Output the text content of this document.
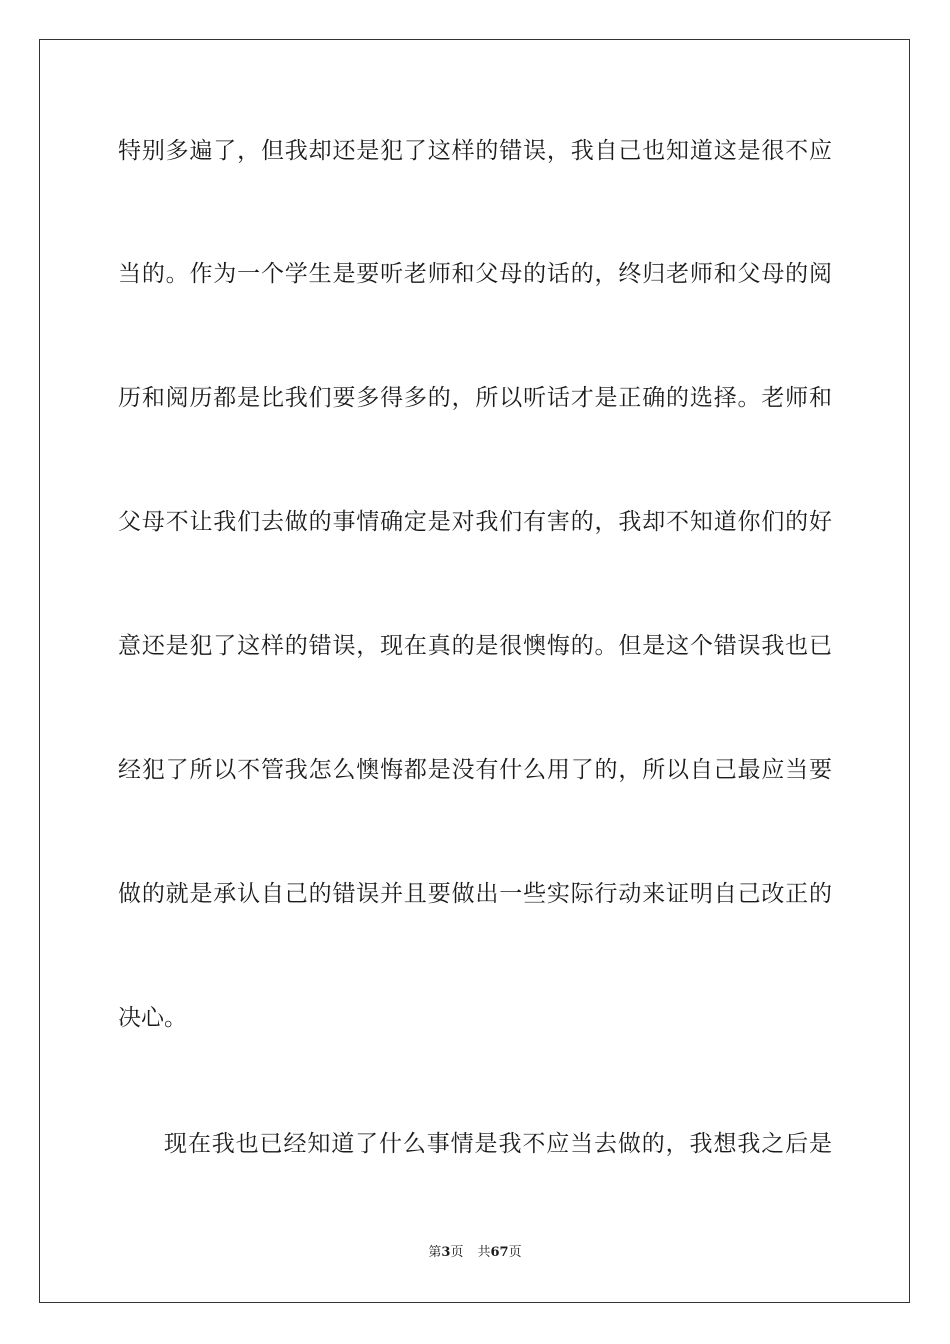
特别多遍了，但我却还是犯了这样的错误，我自己也知道这是很不应
当的。作为一个学生是要听老师和父母的话的，终归老师和父母的阅
历和阅历都是比我们要多得多的，所以听话才是正确的选择。老师和
父母不让我们去做的事情确定是对我们有害的，我却不知道你们的好
意还是犯了这样的错误，现在真的是很懊悔的。但是这个错误我也已
经犯了所以不管我怎么懊悔都是没有什么用了的，所以自己最应当要
做的就是承认自己的错误并且要做出一些实际行动来证明自己改正的
决心。
现在我也已经知道了什么事情是我不应当去做的，我想我之后是
第3页 共67页
